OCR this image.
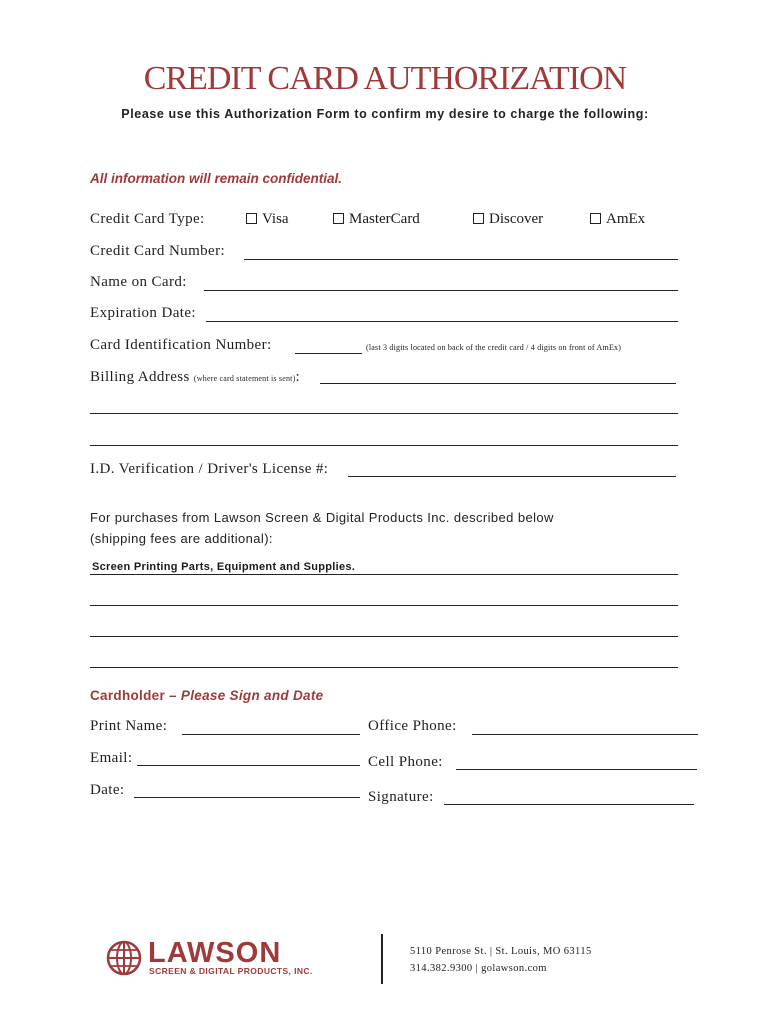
CREDIT CARD AUTHORIZATION
Please use this Authorization Form to confirm my desire to charge the following:
All information will remain confidential.
Credit Card Type:	Visa	MasterCard	Discover	AmEx
Credit Card Number:
Name on Card:
Expiration Date:
Card Identification Number:	(last 3 digits located on back of the credit card / 4 digits on front of AmEx)
Billing Address (where card statement is sent):
I.D. Verification / Driver's License #:
For purchases from Lawson Screen & Digital Products Inc. described below
(shipping fees are additional):
Screen Printing Parts, Equipment and Supplies.
Cardholder – Please Sign and Date
Print Name:	Office Phone:
Email:	Cell Phone:
Date:	Signature:
LAWSON
SCREEN & DIGITAL PRODUCTS, INC.
5110 Penrose St. | St. Louis, MO 63115
314.382.9300 | golawson.com
